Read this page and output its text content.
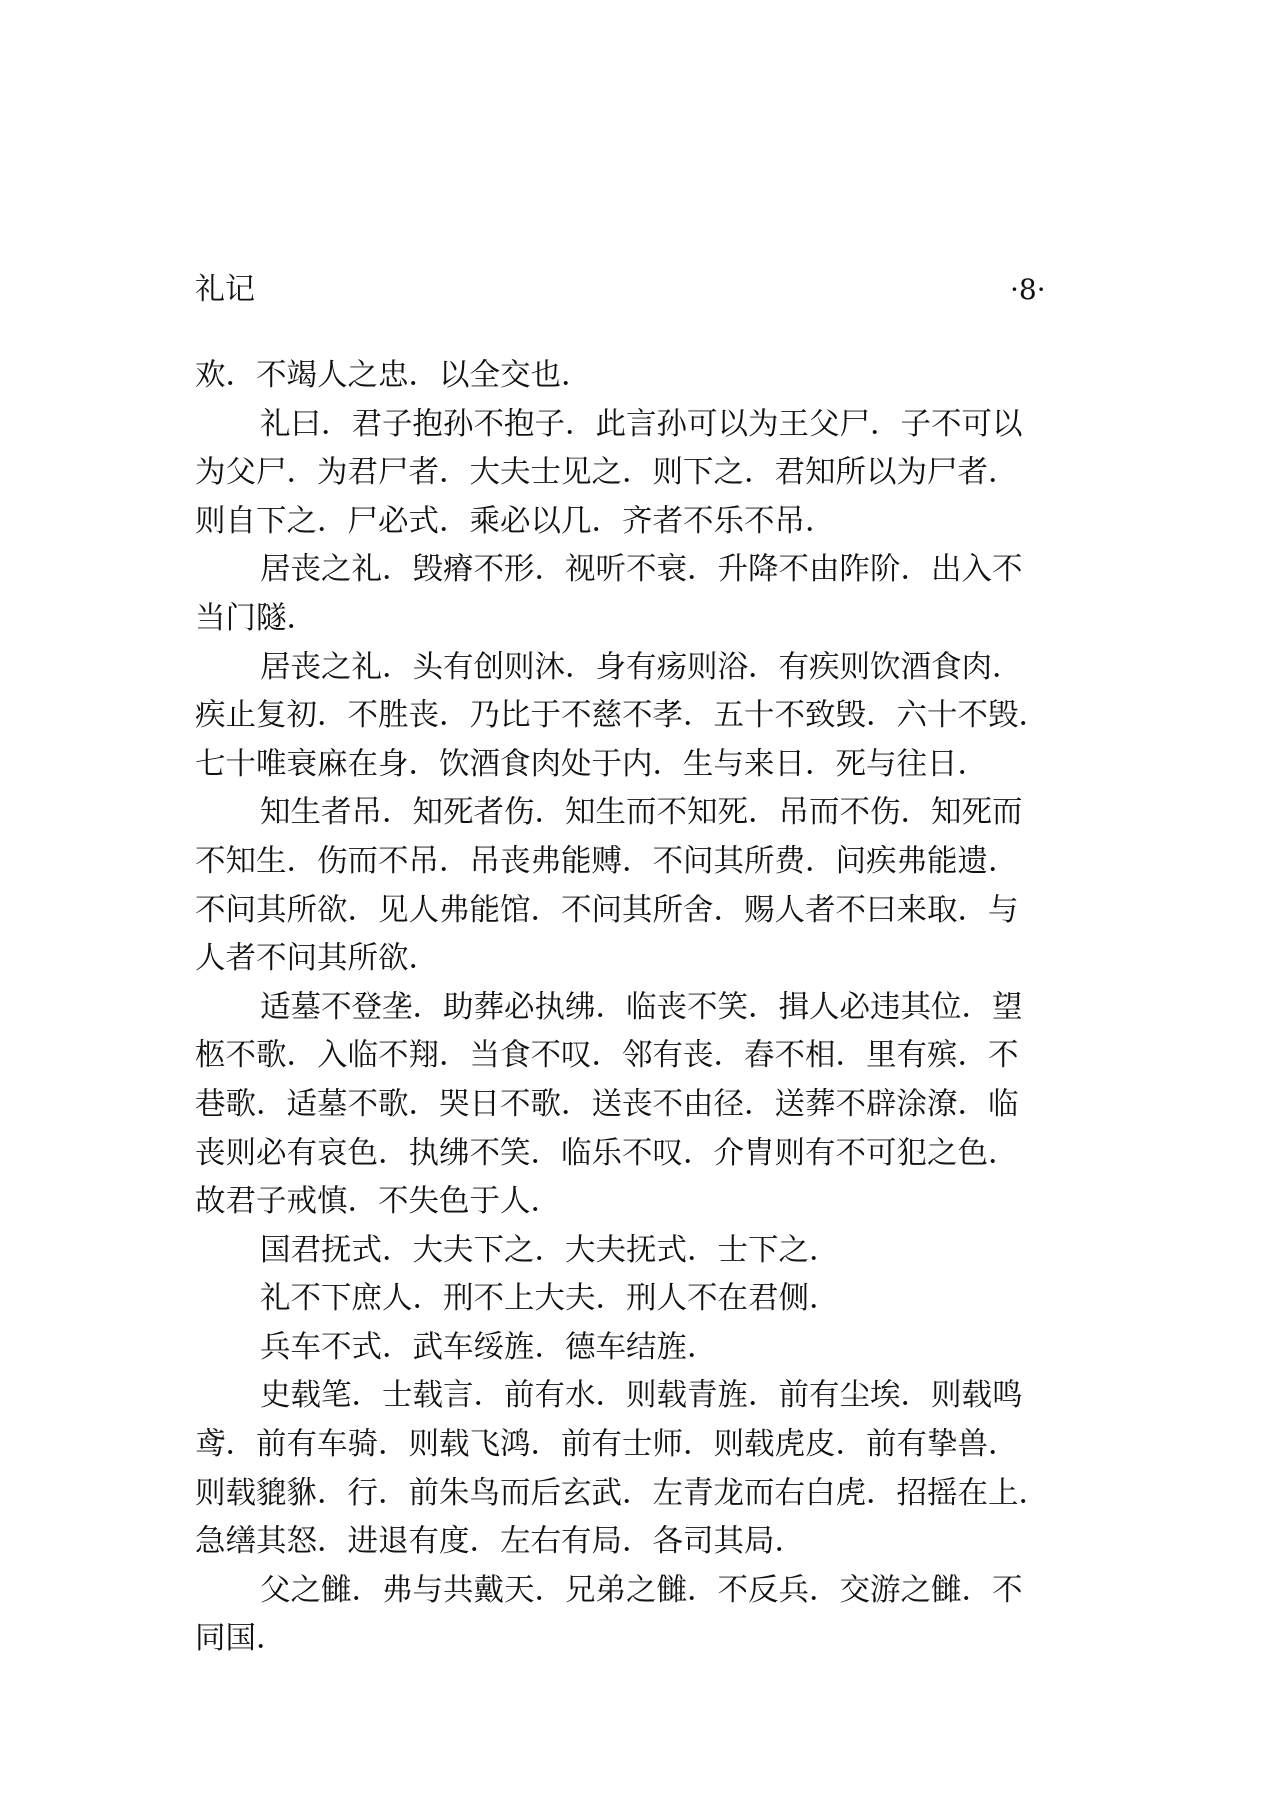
礼记	·8·
欢．不竭人之忠．以全交也．
礼曰．君子抱孙不抱子．此言孙可以为王父尸．子不可以
为父尸．为君尸者．大夫士见之．则下之．君知所以为尸者．
则自下之．尸必式．乘必以几．齐者不乐不吊．
居丧之礼．毁瘠不形．视听不衰．升降不由阼阶．出入不
当门隧．
居丧之礼．头有创则沐．身有疡则浴．有疾则饮酒食肉．
疾止复初．不胜丧．乃比于不慈不孝．五十不致毁．六十不毁．
七十唯衰麻在身．饮酒食肉处于内．生与来日．死与往日．
知生者吊．知死者伤．知生而不知死．吊而不伤．知死而
不知生．伤而不吊．吊丧弗能赙．不问其所费．问疾弗能遗．
不问其所欲．见人弗能馆．不问其所舍．赐人者不曰来取．与
人者不问其所欲．
适墓不登垄．助葬必执绋．临丧不笑．揖人必违其位．望
柩不歌．入临不翔．当食不叹．邻有丧．舂不相．里有殡．不
巷歌．适墓不歌．哭日不歌．送丧不由径．送葬不辟涂潦．临
丧则必有哀色．执绋不笑．临乐不叹．介胄则有不可犯之色．
故君子戒慎．不失色于人．
国君抚式．大夫下之．大夫抚式．士下之．
礼不下庶人．刑不上大夫．刑人不在君侧．
兵车不式．武车绥旌．德车结旌．
史载笔．士载言．前有水．则载青旌．前有尘埃．则载鸣
鸢．前有车骑．则载飞鸿．前有士师．则载虎皮．前有挚兽．
则载貔貅．行．前朱鸟而后玄武．左青龙而右白虎．招摇在上．
急缮其怒．进退有度．左右有局．各司其局．
父之雠．弗与共戴天．兄弟之雠．不反兵．交游之雠．不
同国．
